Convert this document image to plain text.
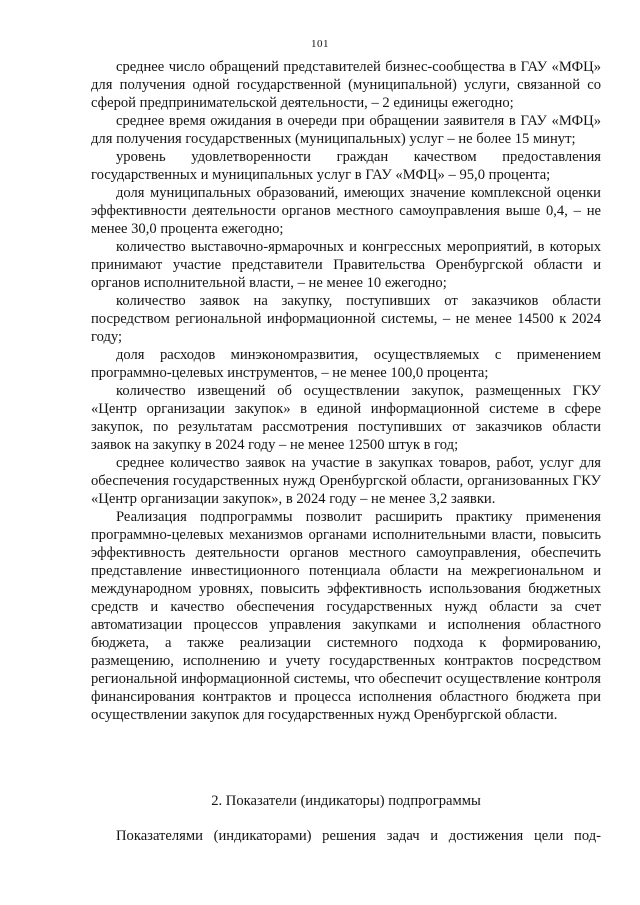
101

среднее число обращений представителей бизнес-сообщества в ГАУ «МФЦ» для получения одной государственной (муниципальной) услуги, связанной со сферой предпринимательской деятельности, – 2 единицы ежегодно;

среднее время ожидания в очереди при обращении заявителя в ГАУ «МФЦ» для получения государственных (муниципальных) услуг – не более 15 минут;

уровень удовлетворенности граждан качеством предоставления государственных и муниципальных услуг в ГАУ «МФЦ» – 95,0 процента;

доля муниципальных образований, имеющих значение комплексной оценки эффективности деятельности органов местного самоуправления выше 0,4, – не менее 30,0 процента ежегодно;

количество выставочно-ярмарочных и конгрессных мероприятий, в которых принимают участие представители Правительства Оренбургской области и органов исполнительной власти, – не менее 10 ежегодно;

количество заявок на закупку, поступивших от заказчиков области посредством региональной информационной системы, – не менее 14500 к 2024 году;

доля расходов минэкономразвития, осуществляемых с применением программно-целевых инструментов, – не менее 100,0 процента;

количество извещений об осуществлении закупок, размещенных ГКУ «Центр организации закупок» в единой информационной системе в сфере закупок, по результатам рассмотрения поступивших от заказчиков области заявок на закупку в 2024 году – не менее 12500 штук в год;

среднее количество заявок на участие в закупках товаров, работ, услуг для обеспечения государственных нужд Оренбургской области, организованных ГКУ «Центр организации закупок», в 2024 году – не менее 3,2 заявки.

Реализация подпрограммы позволит расширить практику применения программно-целевых механизмов органами исполнительными власти, повысить эффективность деятельности органов местного самоуправления, обеспечить представление инвестиционного потенциала области на межрегиональном и международном уровнях, повысить эффективность использования бюджетных средств и качество обеспечения государственных нужд области за счет автоматизации процессов управления закупками и исполнения областного бюджета, а также реализации системного подхода к формированию, размещению, исполнению и учету государственных контрактов посредством региональной информационной системы, что обеспечит осуществление контроля финансирования контрактов и процесса исполнения областного бюджета при осуществлении закупок для государственных нужд Оренбургской области.

2. Показатели (индикаторы) подпрограммы

Показателями (индикаторами) решения задач и достижения цели под-
